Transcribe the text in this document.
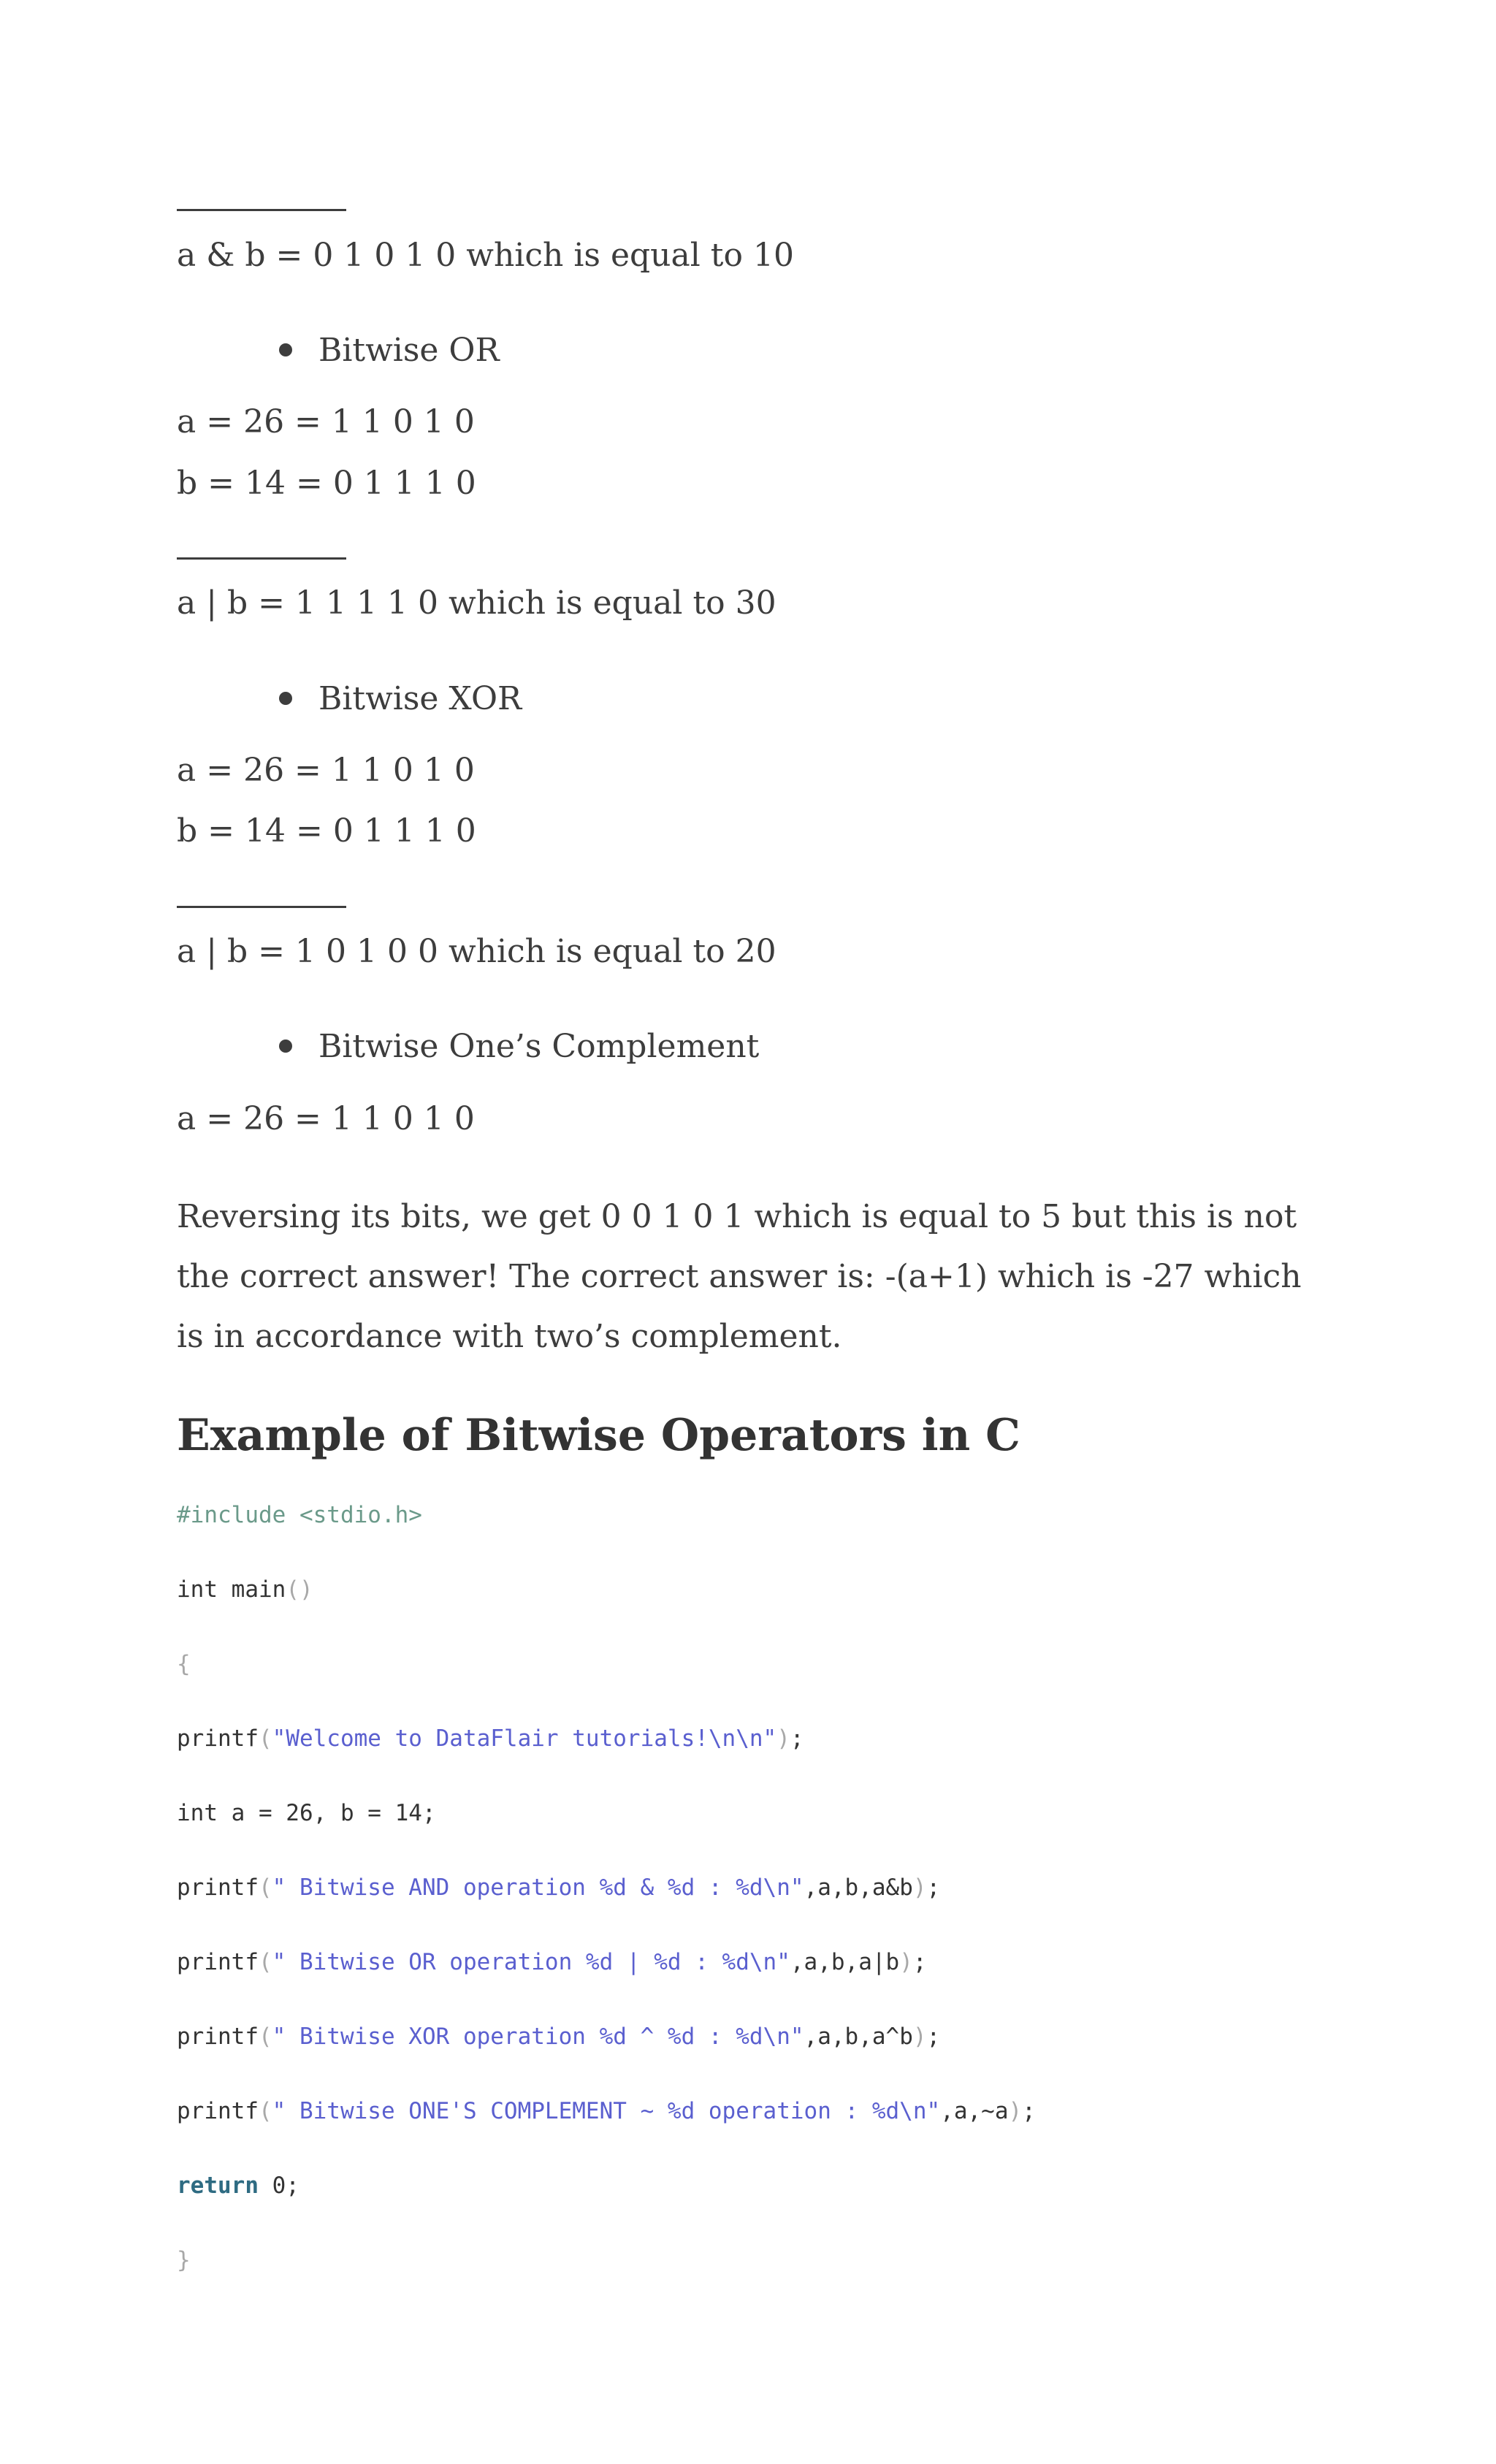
a & b = 0 1 0 1 0 which is equal to 10
Bitwise OR
a = 26 = 1 1 0 1 0
b = 14 = 0 1 1 1 0
a | b = 1 1 1 1 0 which is equal to 30
Bitwise XOR
a = 26 = 1 1 0 1 0
b = 14 = 0 1 1 1 0
a | b = 1 0 1 0 0 which is equal to 20
Bitwise One’s Complement
a = 26 = 1 1 0 1 0
Reversing its bits, we get 0 0 1 0 1 which is equal to 5 but this is not the correct answer! The correct answer is: -(a+1) which is -27 which is in accordance with two’s complement.
Example of Bitwise Operators in C
#include <stdio.h>
int main()
{
printf("Welcome to DataFlair tutorials!\n\n");
int a = 26, b = 14;
printf(" Bitwise AND operation %d & %d : %d\n",a,b,a&b);
printf(" Bitwise OR operation %d | %d : %d\n",a,b,a|b);
printf(" Bitwise XOR operation %d ^ %d : %d\n",a,b,a^b);
printf(" Bitwise ONE'S COMPLEMENT ~ %d operation : %d\n",a,~a);
return 0;
}
